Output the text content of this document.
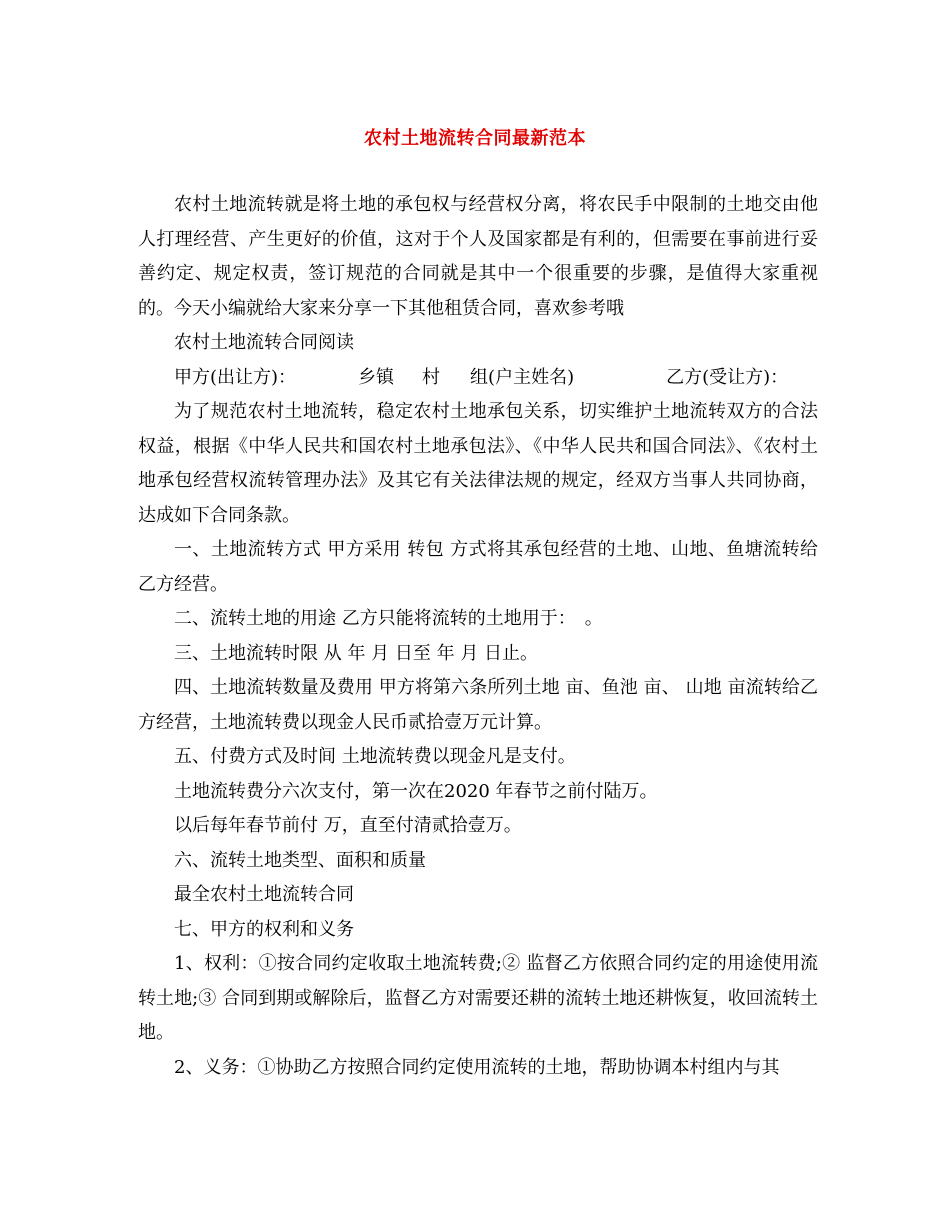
农村土地流转合同最新范本

农村土地流转就是将土地的承包权与经营权分离，将农民手中限制的土地交由他人打理经营、产生更好的价值，这对于个人及国家都是有利的，但需要在事前进行妥善约定、规定权责，签订规范的合同就是其中一个很重要的步骤，是值得大家重视的。今天小编就给大家来分享一下其他租赁合同，喜欢参考哦

农村土地流转合同阅读

甲方(出让方)：	乡镇 村 组(户主姓名)	乙方(受让方)：

为了规范农村土地流转，稳定农村土地承包关系，切实维护土地流转双方的合法权益，根据《中华人民共和国农村土地承包法》、《中华人民共和国合同法》、《农村土地承包经营权流转管理办法》及其它有关法律法规的规定，经双方当事人共同协商，达成如下合同条款。

一、土地流转方式 甲方采用 转包 方式将其承包经营的土地、山地、鱼塘流转给乙方经营。

二、流转土地的用途 乙方只能将流转的土地用于：　。

三、土地流转时限 从 年 月 日至 年 月 日止。

四、土地流转数量及费用 甲方将第六条所列土地 亩、鱼池 亩、 山地 亩流转给乙方经营，土地流转费以现金人民币贰拾壹万元计算。

五、付费方式及时间 土地流转费以现金凡是支付。

土地流转费分六次支付，第一次在2020 年春节之前付陆万。

以后每年春节前付 万，直至付清贰拾壹万。

六、流转土地类型、面积和质量

最全农村土地流转合同

七、甲方的权利和义务

1、权利：①按合同约定收取土地流转费;② 监督乙方依照合同约定的用途使用流转土地;③ 合同到期或解除后，监督乙方对需要还耕的流转土地还耕恢复，收回流转土地。

2、义务：①协助乙方按照合同约定使用流转的土地，帮助协调本村组内与其
